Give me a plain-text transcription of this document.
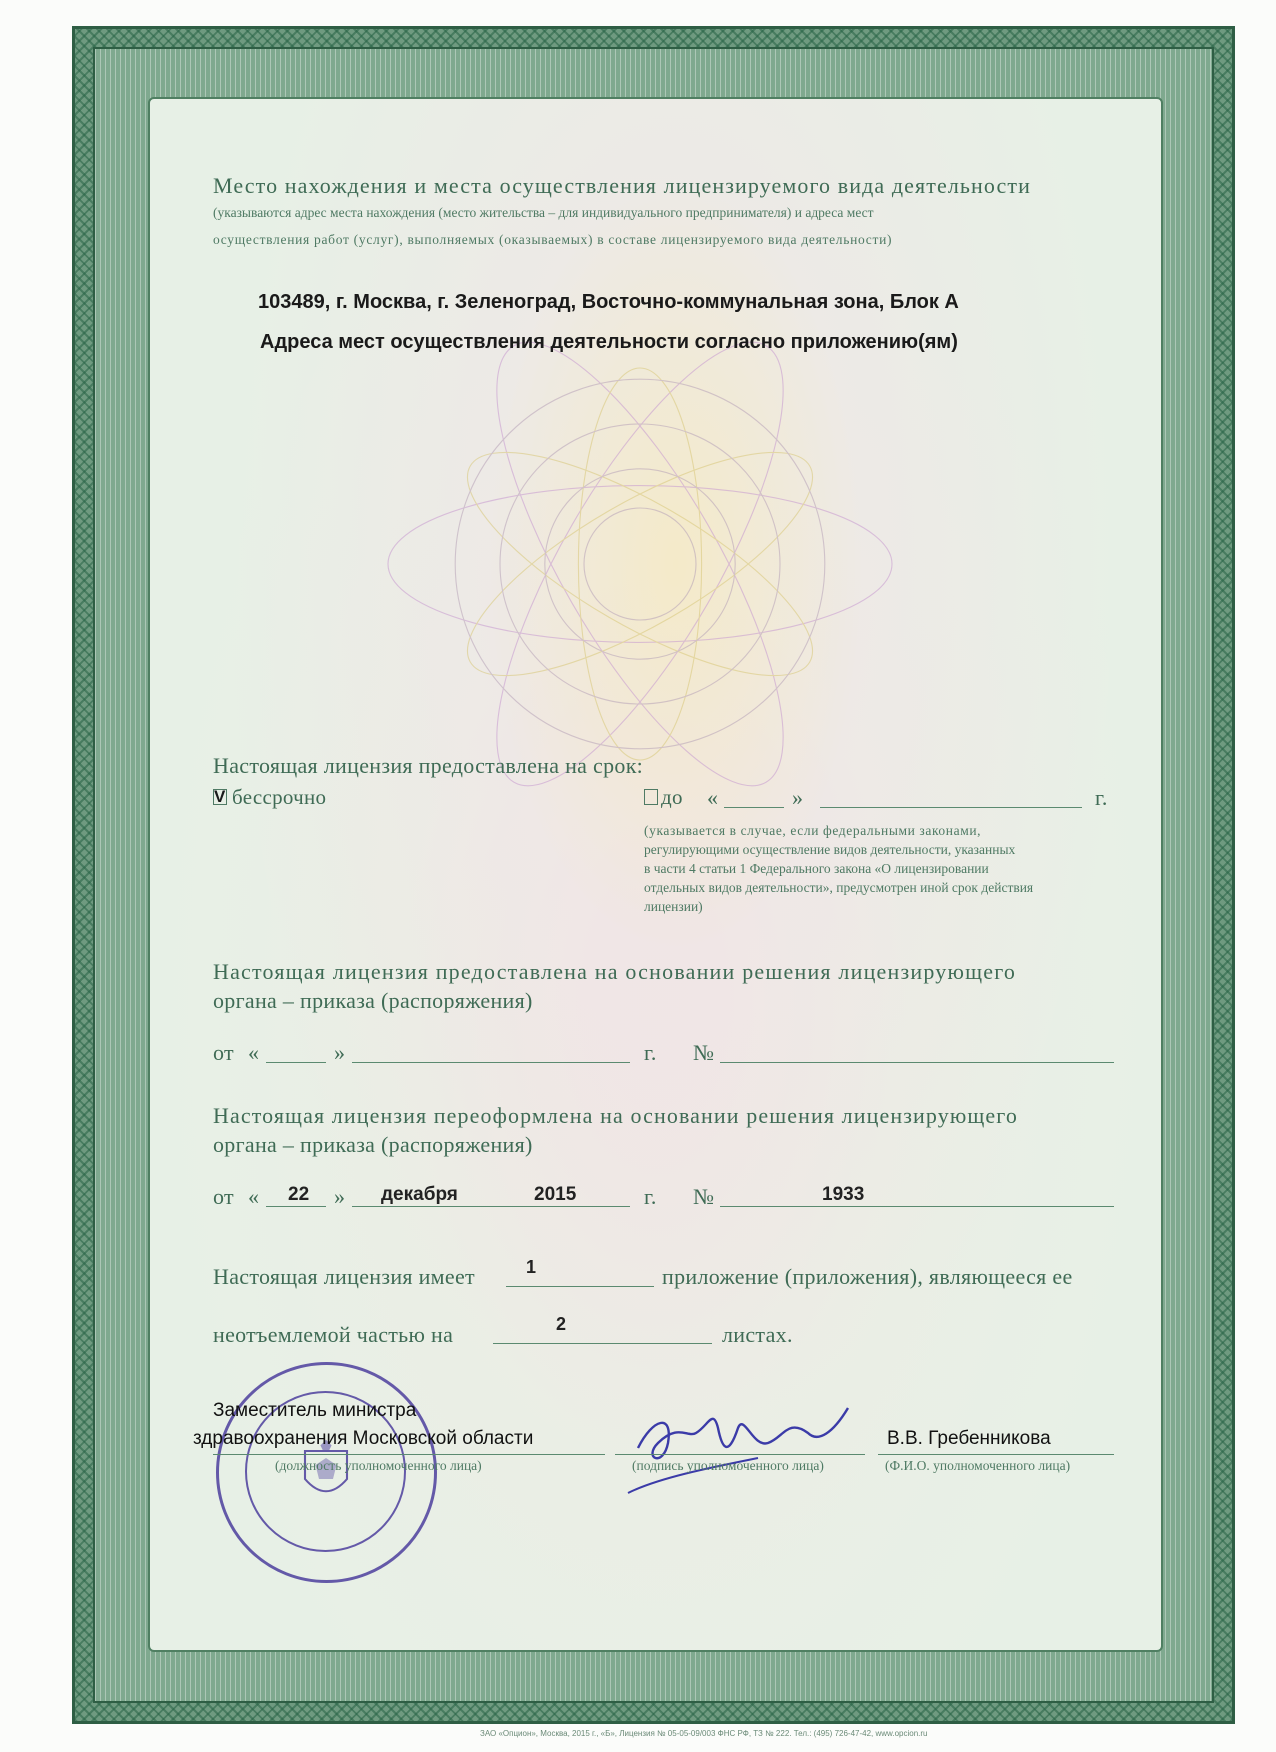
Место нахождения и места осуществления лицензируемого вида деятельности
(указываются адрес места нахождения (место жительства – для индивидуального предпринимателя) и адреса мест
осуществления работ (услуг), выполняемых (оказываемых) в составе лицензируемого вида деятельности)
103489, г. Москва, г. Зеленоград, Восточно-коммунальная зона, Блок А
Адреса мест осуществления деятельности согласно приложению(ям)
Настоящая лицензия предоставлена на срок:
V бессрочно	до «	»	г.
(указывается в случае, если федеральными законами,
регулирующими осуществление видов деятельности, указанных
в части 4 статьи 1 Федерального закона «О лицензировании
отдельных видов деятельности», предусмотрен иной срок действия
лицензии)
Настоящая лицензия предоставлена на основании решения лицензирующего
органа – приказа (распоряжения)
от «	»	г. №
Настоящая лицензия переоформлена на основании решения лицензирующего
органа – приказа (распоряжения)
от « 22 » декабря	2015	г. №	1933
Настоящая лицензия имеет	1	приложение (приложения), являющееся ее
неотъемлемой частью на	2	листах.
Заместитель министра
здравоохранения Московской области
(должность уполномоченного лица)	(подпись уполномоченного лица)
В.В. Гребенникова
(Ф.И.О. уполномоченного лица)
ЗАО «Опцион», Москва, 2015 г., «Б», Лицензия № 05-05-09/003 ФНС РФ, ТЗ № 222. Тел.: (495) 726-47-42, www.opcion.ru
